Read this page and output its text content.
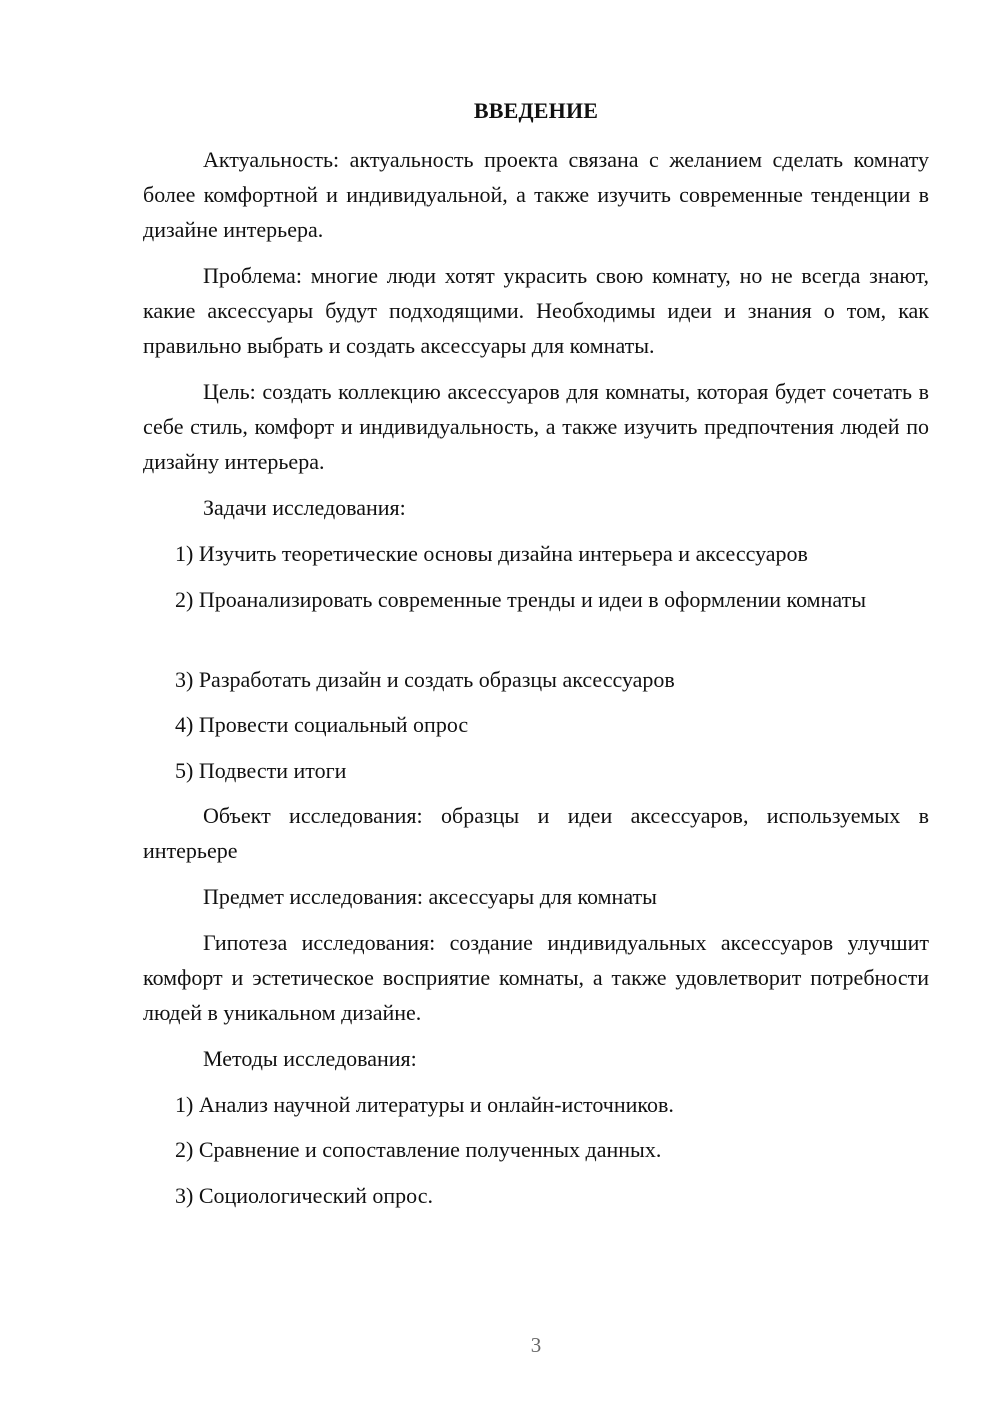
ВВЕДЕНИЕ

Актуальность: актуальность проекта связана с желанием сделать комнату более комфортной и индивидуальной, а также изучить современные тенденции в дизайне интерьера.

Проблема: многие люди хотят украсить свою комнату, но не всегда знают, какие аксессуары будут подходящими. Необходимы идеи и знания о том, как правильно выбрать и создать аксессуары для комнаты.

Цель: создать коллекцию аксессуаров для комнаты, которая будет сочетать в себе стиль, комфорт и индивидуальность, а также изучить предпочтения людей по дизайну интерьера.

Задачи исследования:

1) Изучить теоретические основы дизайна интерьера и аксессуаров

2) Проанализировать современные тренды и идеи в оформлении комнаты

3) Разработать дизайн и создать образцы аксессуаров

4) Провести социальный опрос

5) Подвести итоги

Объект исследования: образцы и идеи аксессуаров, используемых в интерьере

Предмет исследования: аксессуары для комнаты

Гипотеза исследования: создание индивидуальных аксессуаров улучшит комфорт и эстетическое восприятие комнаты, а также удовлетворит потребности людей в уникальном дизайне.

Методы исследования:

1) Анализ научной литературы и онлайн-источников.

2) Сравнение и сопоставление полученных данных.

3) Социологический опрос.

3
